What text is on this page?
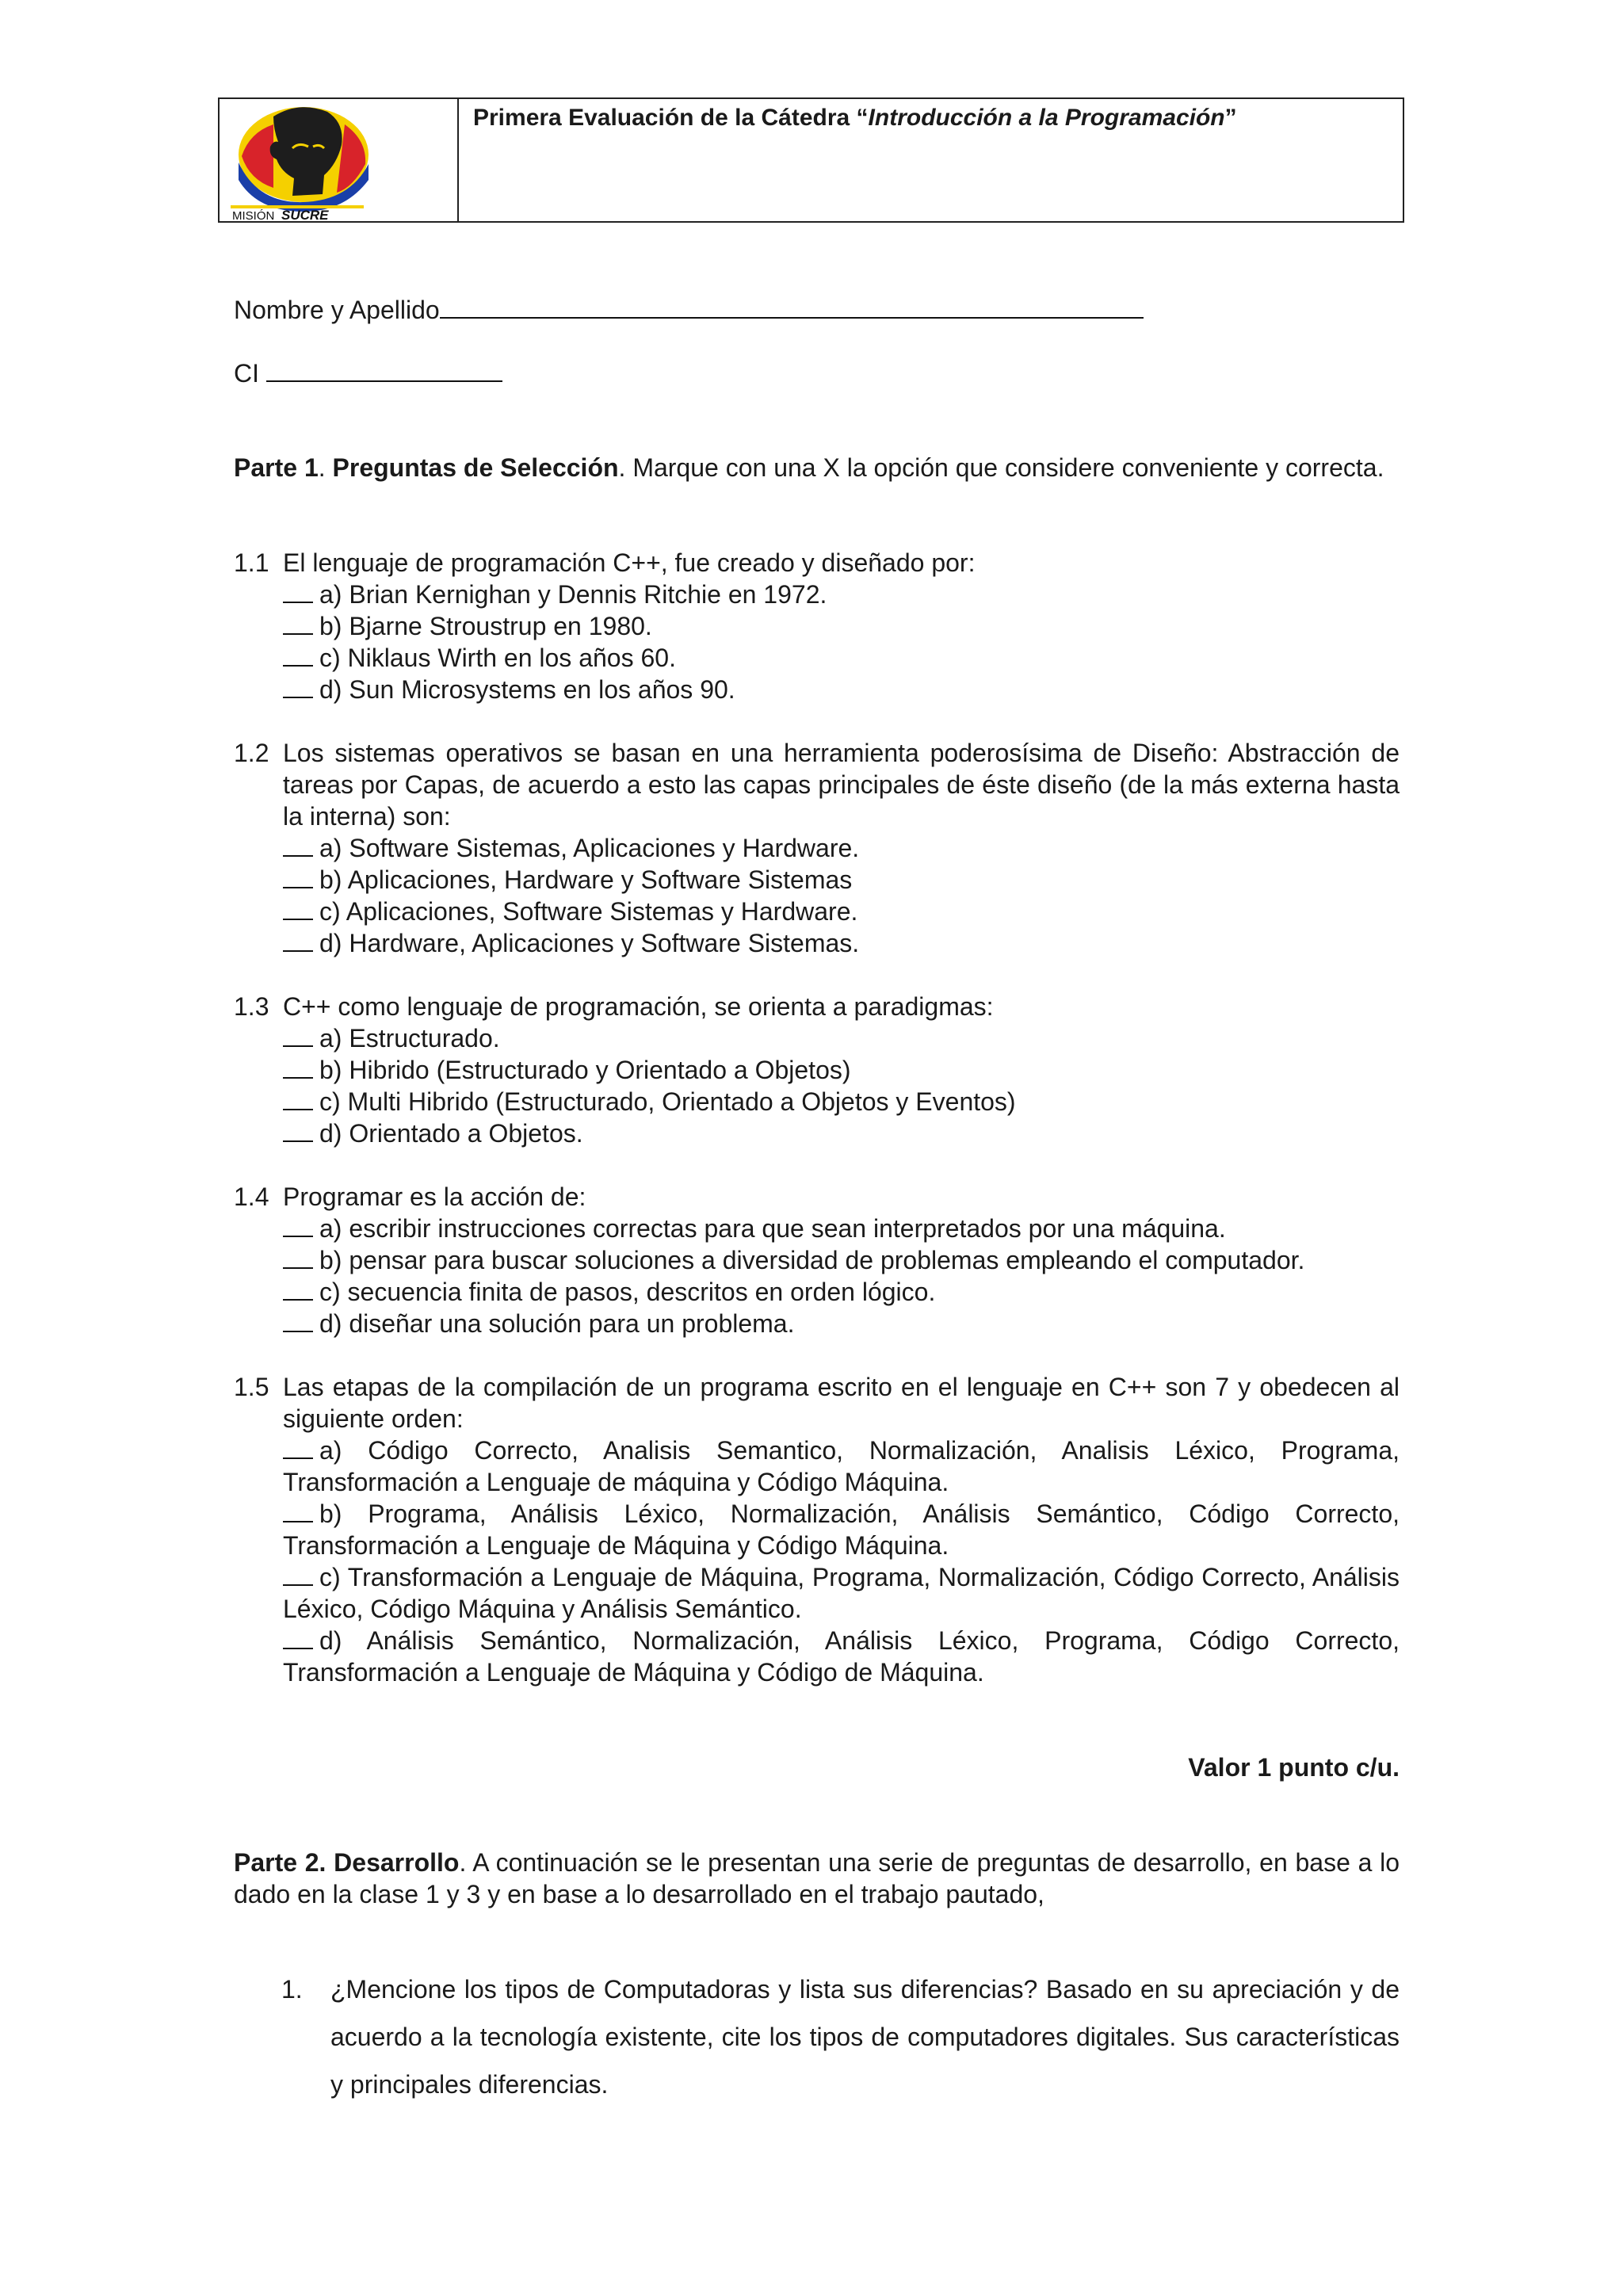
MISIÓN SUCRE
Primera Evaluación de la Cátedra “Introducción a la Programación”
Nombre y Apellido
CI
Parte 1. Preguntas de Selección. Marque con una X la opción que considere conveniente y correcta.
1.1 El lenguaje de programación C++, fue creado y diseñado por:
a) Brian Kernighan y Dennis Ritchie en 1972.
b) Bjarne Stroustrup en 1980.
c) Niklaus Wirth en los años 60.
d) Sun Microsystems en los años 90.
1.2 Los sistemas operativos se basan en una herramienta poderosísima de Diseño: Abstracción de tareas por Capas, de acuerdo a esto las capas principales de éste diseño (de la más externa hasta la interna) son:
a) Software Sistemas, Aplicaciones y Hardware.
b) Aplicaciones, Hardware y Software Sistemas
c) Aplicaciones, Software Sistemas y Hardware.
d) Hardware, Aplicaciones y Software Sistemas.
1.3 C++ como lenguaje de programación, se orienta a paradigmas:
a) Estructurado.
b) Hibrido (Estructurado y Orientado a Objetos)
c) Multi Hibrido (Estructurado, Orientado a Objetos y Eventos)
d) Orientado a Objetos.
1.4 Programar es la acción de:
a) escribir instrucciones correctas para que sean interpretados por una máquina.
b) pensar para buscar soluciones a diversidad de problemas empleando el computador.
c) secuencia finita de pasos, descritos en orden lógico.
d) diseñar una solución para un problema.
1.5 Las etapas de la compilación de un programa escrito en el lenguaje en C++ son 7 y obedecen al siguiente orden:
a) Código Correcto, Analisis Semantico, Normalización, Analisis Léxico, Programa, Transformación a Lenguaje de máquina y Código Máquina.
b) Programa, Análisis Léxico, Normalización, Análisis Semántico, Código Correcto, Transformación a Lenguaje de Máquina y Código Máquina.
c) Transformación a Lenguaje de Máquina, Programa, Normalización, Código Correcto, Análisis Léxico, Código Máquina y Análisis Semántico.
d) Análisis Semántico, Normalización, Análisis Léxico, Programa, Código Correcto, Transformación a Lenguaje de Máquina y Código de Máquina.
Valor 1 punto c/u.
Parte 2. Desarrollo. A continuación se le presentan una serie de preguntas de desarrollo, en base a lo dado en la clase 1 y 3 y en base a lo desarrollado en el trabajo pautado,
1.	¿Mencione los tipos de Computadoras y lista sus diferencias? Basado en su apreciación y de acuerdo a la tecnología existente, cite los tipos de computadores digitales. Sus características y principales diferencias.
